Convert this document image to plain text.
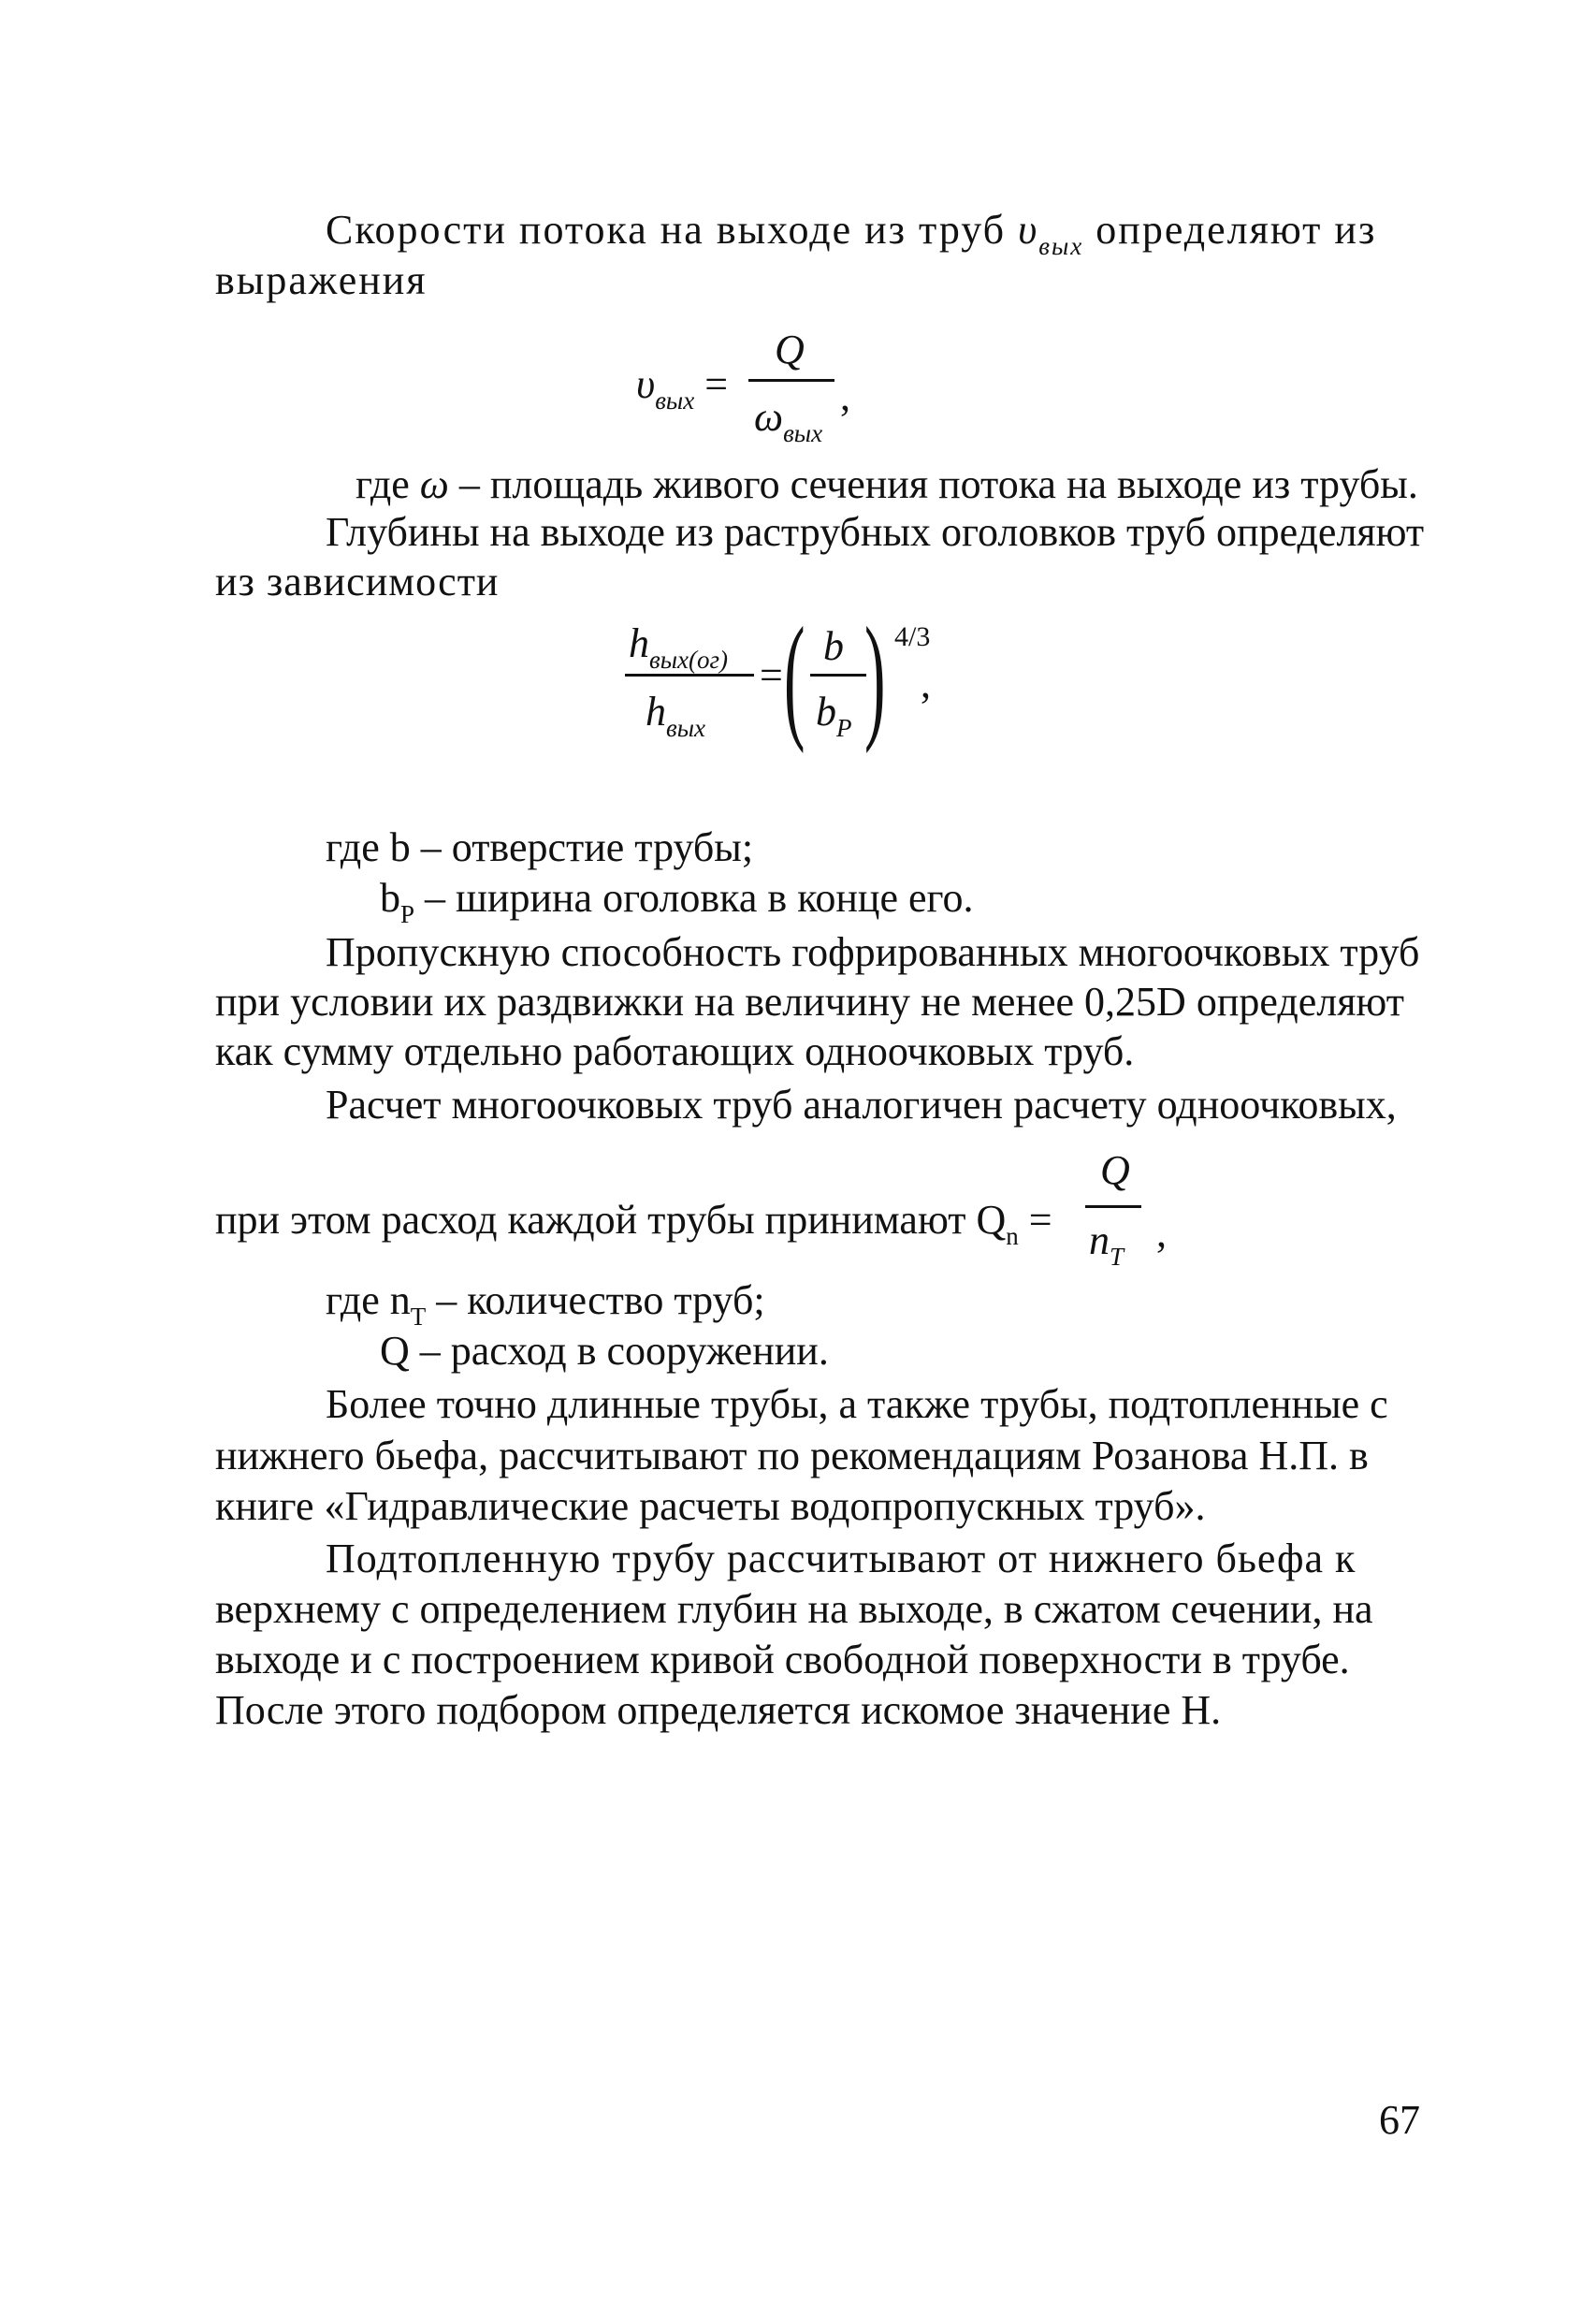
Скорости потока на выходе из труб $\upsilon_{вых}$ определяют из
выражения
$\upsilon_{вых}$ =
Q
$\omega_{вых}$
,
где ω – площадь живого сечения потока на выходе из трубы.
Глубины на выходе из раструбных оголовков труб определяют
из зависимости
$h_{вых(ог)}$
$h_{вых}$
= ( b
$b_P$ ) 4/3
,
где b – отверстие трубы;
$b_P$ – ширина оголовка в конце его.
Пропускную способность гофрированных многоочковых труб
при условии их раздвижки на величину не менее 0,25D определяют
как сумму отдельно работающих одноочковых труб.
Расчет многоочковых труб аналогичен расчету одноочковых,
при этом расход каждой трубы принимают $Q_n$ =
Q
$n_T$
,
где $n_T$ – количество труб;
Q – расход в сооружении.
Более точно длинные трубы, а также трубы, подтопленные с
нижнего бьефа, рассчитывают по рекомендациям Розанова Н.П. в
книге «Гидравлические расчеты водопропускных труб».
Подтопленную трубу рассчитывают от нижнего бьефа к
верхнему с определением глубин на выходе, в сжатом сечении, на
выходе и с построением кривой свободной поверхности в трубе.
После этого подбором определяется искомое значение H.
67
